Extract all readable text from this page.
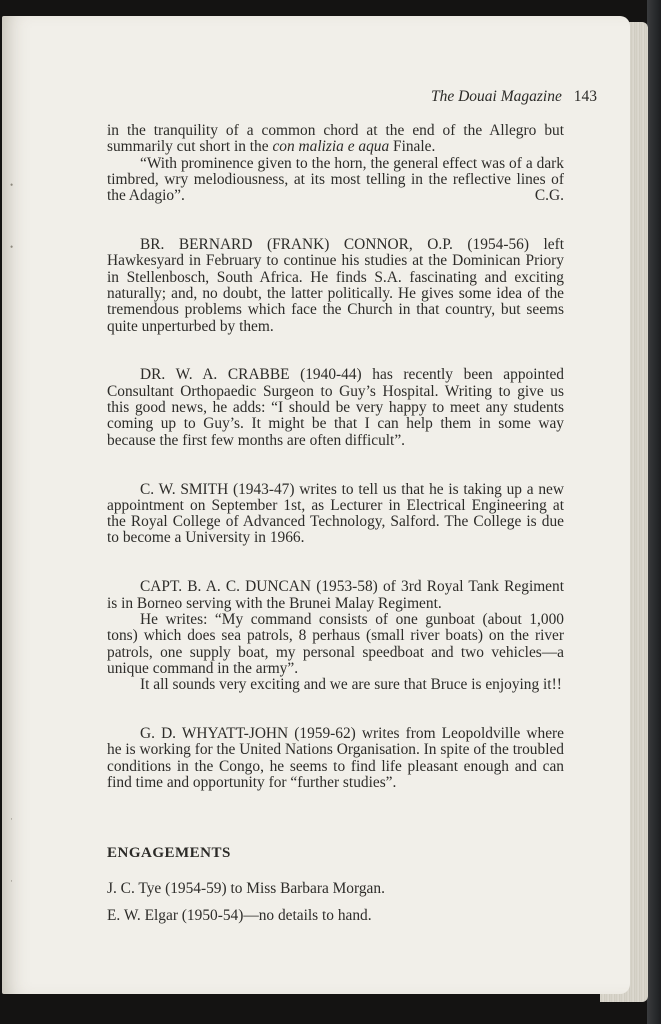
•
•
·
·
The Douai Magazine 143

in the tranquility of a common chord at the end of the Allegro but summarily cut short in the con malizia e aqua Finale.

“With prominence given to the horn, the general effect was of a dark timbred, wry melodiousness, at its most telling in the reflective lines of the Adagio”.	C.G.

BR. BERNARD (FRANK) CONNOR, O.P. (1954-56) left Hawkesyard in February to continue his studies at the Dominican Priory in Stellenbosch, South Africa. He finds S.A. fascinating and exciting naturally; and, no doubt, the latter politically. He gives some idea of the tremendous problems which face the Church in that country, but seems quite unperturbed by them.

DR. W. A. CRABBE (1940-44) has recently been appointed Consultant Orthopaedic Surgeon to Guy’s Hospital. Writing to give us this good news, he adds: “I should be very happy to meet any students coming up to Guy’s. It might be that I can help them in some way because the first few months are often difficult”.

C. W. SMITH (1943-47) writes to tell us that he is taking up a new appointment on September 1st, as Lecturer in Electrical Engineering at the Royal College of Advanced Technology, Salford. The College is due to become a University in 1966.

CAPT. B. A. C. DUNCAN (1953-58) of 3rd Royal Tank Regiment is in Borneo serving with the Brunei Malay Regiment.

He writes: “My command consists of one gunboat (about 1,000 tons) which does sea patrols, 8 perhaus (small river boats) on the river patrols, one supply boat, my personal speedboat and two vehicles—a unique command in the army”.

It all sounds very exciting and we are sure that Bruce is enjoying it!!

G. D. WHYATT-JOHN (1959-62) writes from Leopoldville where he is working for the United Nations Organisation. In spite of the troubled conditions in the Congo, he seems to find life pleasant enough and can find time and opportunity for “further studies”.

ENGAGEMENTS

J. C. Tye (1954-59) to Miss Barbara Morgan.

E. W. Elgar (1950-54)—no details to hand.
